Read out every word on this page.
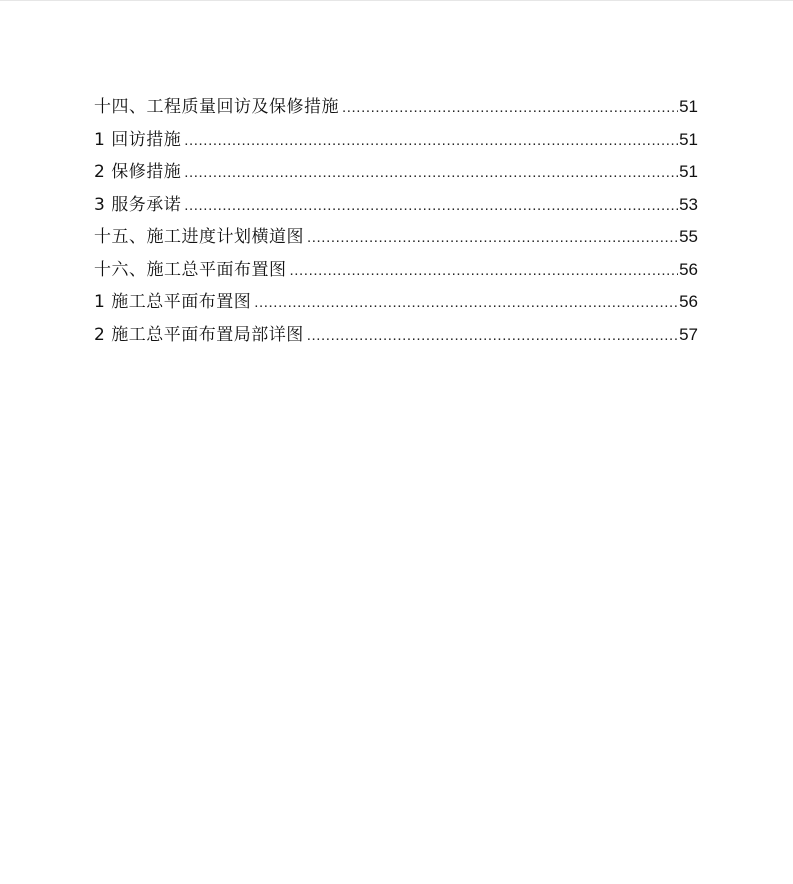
十四、工程质量回访及保修措施 .....	51
1 回访措施 .....	51
2 保修措施 .....	51
3 服务承诺 .....	53
十五、施工进度计划横道图 .....	55
十六、施工总平面布置图 .....	56
1 施工总平面布置图 .....	56
2 施工总平面布置局部详图 .....	57
